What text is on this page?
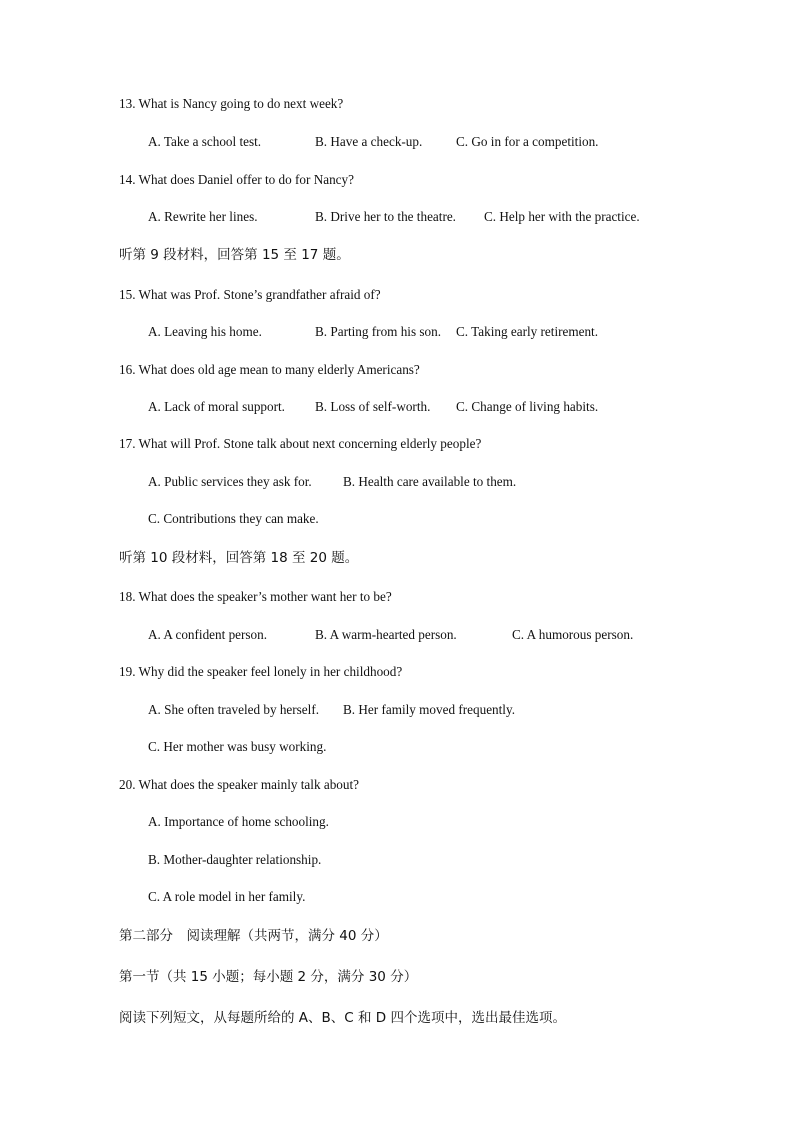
13. What is Nancy going to do next week?
A. Take a school test.	B. Have a check-up.	C. Go in for a competition.
14. What does Daniel offer to do for Nancy?
A. Rewrite her lines.	B. Drive her to the theatre. C. Help her with the practice.
听第 9 段材料，回答第 15 至 17 题。
15. What was Prof. Stone’s grandfather afraid of?
A. Leaving his home.	B. Parting from his son. C. Taking early retirement.
16. What does old age mean to many elderly Americans?
A. Lack of moral support. B. Loss of self-worth. C. Change of living habits.
17. What will Prof. Stone talk about next concerning elderly people?
A. Public services they ask for. B. Health care available to them.
C. Contributions they can make.
听第 10 段材料，回答第 18 至 20 题。
18. What does the speaker’s mother want her to be?
A. A confident person.	B. A warm-hearted person.	C. A humorous person.
19. Why did the speaker feel lonely in her childhood?
A. She often traveled by herself. B. Her family moved frequently.
C. Her mother was busy working.
20. What does the speaker mainly talk about?
A. Importance of home schooling.
B. Mother-daughter relationship.
C. A role model in her family.
第二部分　阅读理解（共两节，满分 40 分）
第一节（共 15 小题；每小题 2 分，满分 30 分）
阅读下列短文，从每题所给的 A、B、C 和 D 四个选项中，选出最佳选项。
